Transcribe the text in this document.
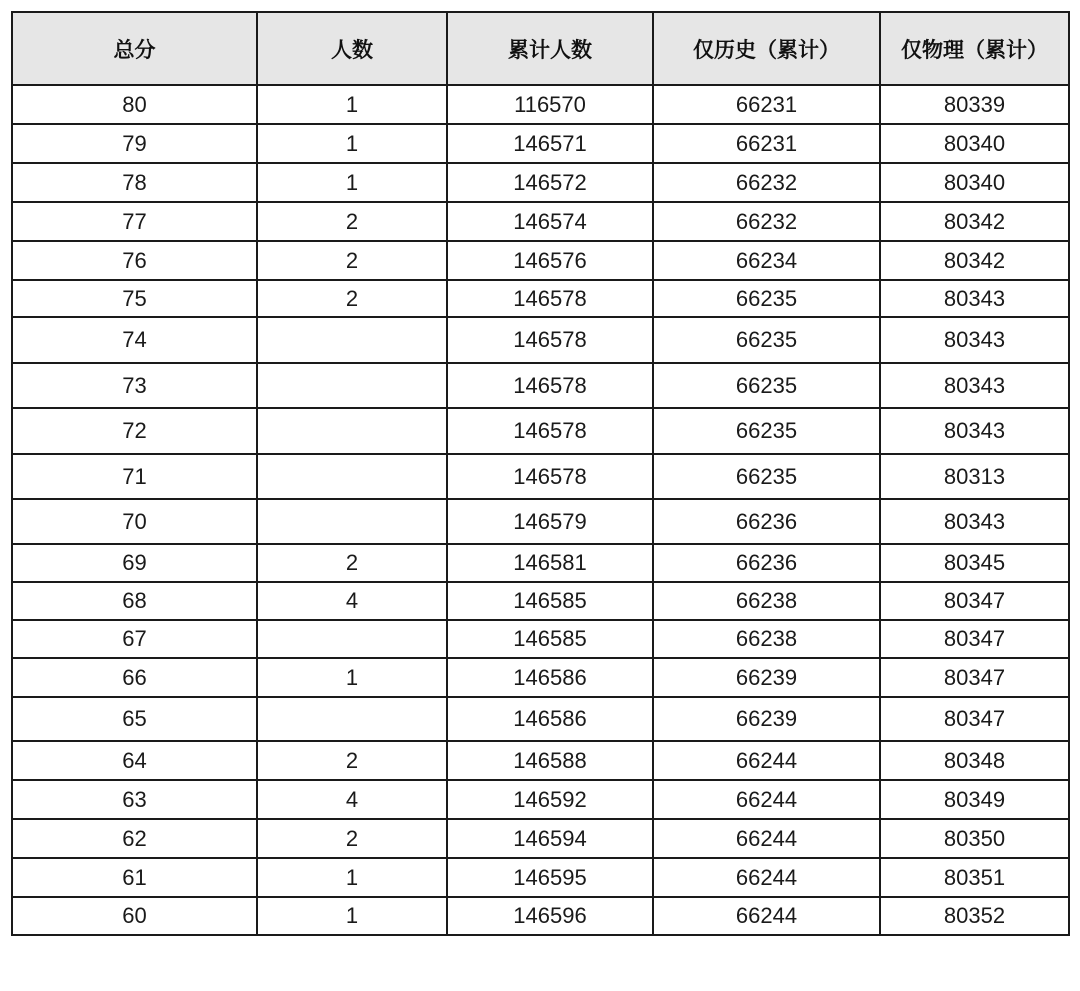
总分	人数	累计人数	仅历史（累计）	仅物理（累计）
80	1	116570	66231	80339
79	1	146571	66231	80340
78	1	146572	66232	80340
77	2	146574	66232	80342
76	2	146576	66234	80342
75	2	146578	66235	80343
74		146578	66235	80343
73		146578	66235	80343
72		146578	66235	80343
71		146578	66235	80313
70		146579	66236	80343
69	2	146581	66236	80345
68	4	146585	66238	80347
67		146585	66238	80347
66	1	146586	66239	80347
65		146586	66239	80347
64	2	146588	66244	80348
63	4	146592	66244	80349
62	2	146594	66244	80350
61	1	146595	66244	80351
60	1	146596	66244	80352
